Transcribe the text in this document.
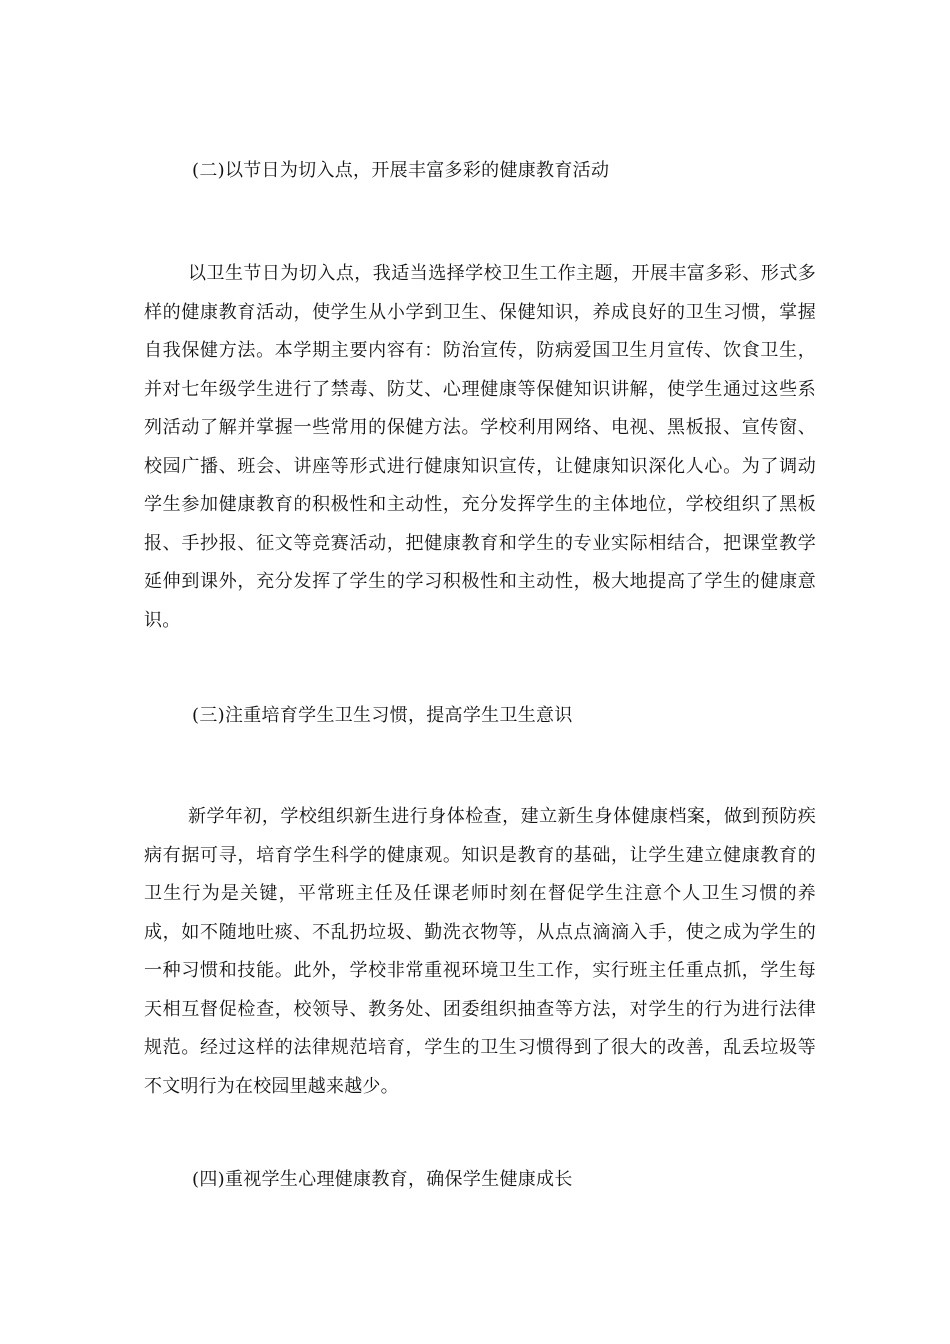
(二)以节日为切入点，开展丰富多彩的健康教育活动

以卫生节日为切入点，我适当选择学校卫生工作主题，开展丰富多彩、形式多样的健康教育活动，使学生从小学到卫生、保健知识，养成良好的卫生习惯，掌握自我保健方法。本学期主要内容有：防治宣传，防病爱国卫生月宣传、饮食卫生，并对七年级学生进行了禁毒、防艾、心理健康等保健知识讲解，使学生通过这些系列活动了解并掌握一些常用的保健方法。学校利用网络、电视、黑板报、宣传窗、校园广播、班会、讲座等形式进行健康知识宣传，让健康知识深化人心。为了调动学生参加健康教育的积极性和主动性，充分发挥学生的主体地位，学校组织了黑板报、手抄报、征文等竞赛活动，把健康教育和学生的专业实际相结合，把课堂教学延伸到课外，充分发挥了学生的学习积极性和主动性，极大地提高了学生的健康意识。

(三)注重培育学生卫生习惯，提高学生卫生意识

新学年初，学校组织新生进行身体检查，建立新生身体健康档案，做到预防疾病有据可寻，培育学生科学的健康观。知识是教育的基础，让学生建立健康教育的卫生行为是关键，平常班主任及任课老师时刻在督促学生注意个人卫生习惯的养成，如不随地吐痰、不乱扔垃圾、勤洗衣物等，从点点滴滴入手，使之成为学生的一种习惯和技能。此外，学校非常重视环境卫生工作，实行班主任重点抓，学生每天相互督促检查，校领导、教务处、团委组织抽查等方法，对学生的行为进行法律规范。经过这样的法律规范培育，学生的卫生习惯得到了很大的改善，乱丢垃圾等不文明行为在校园里越来越少。

(四)重视学生心理健康教育，确保学生健康成长
